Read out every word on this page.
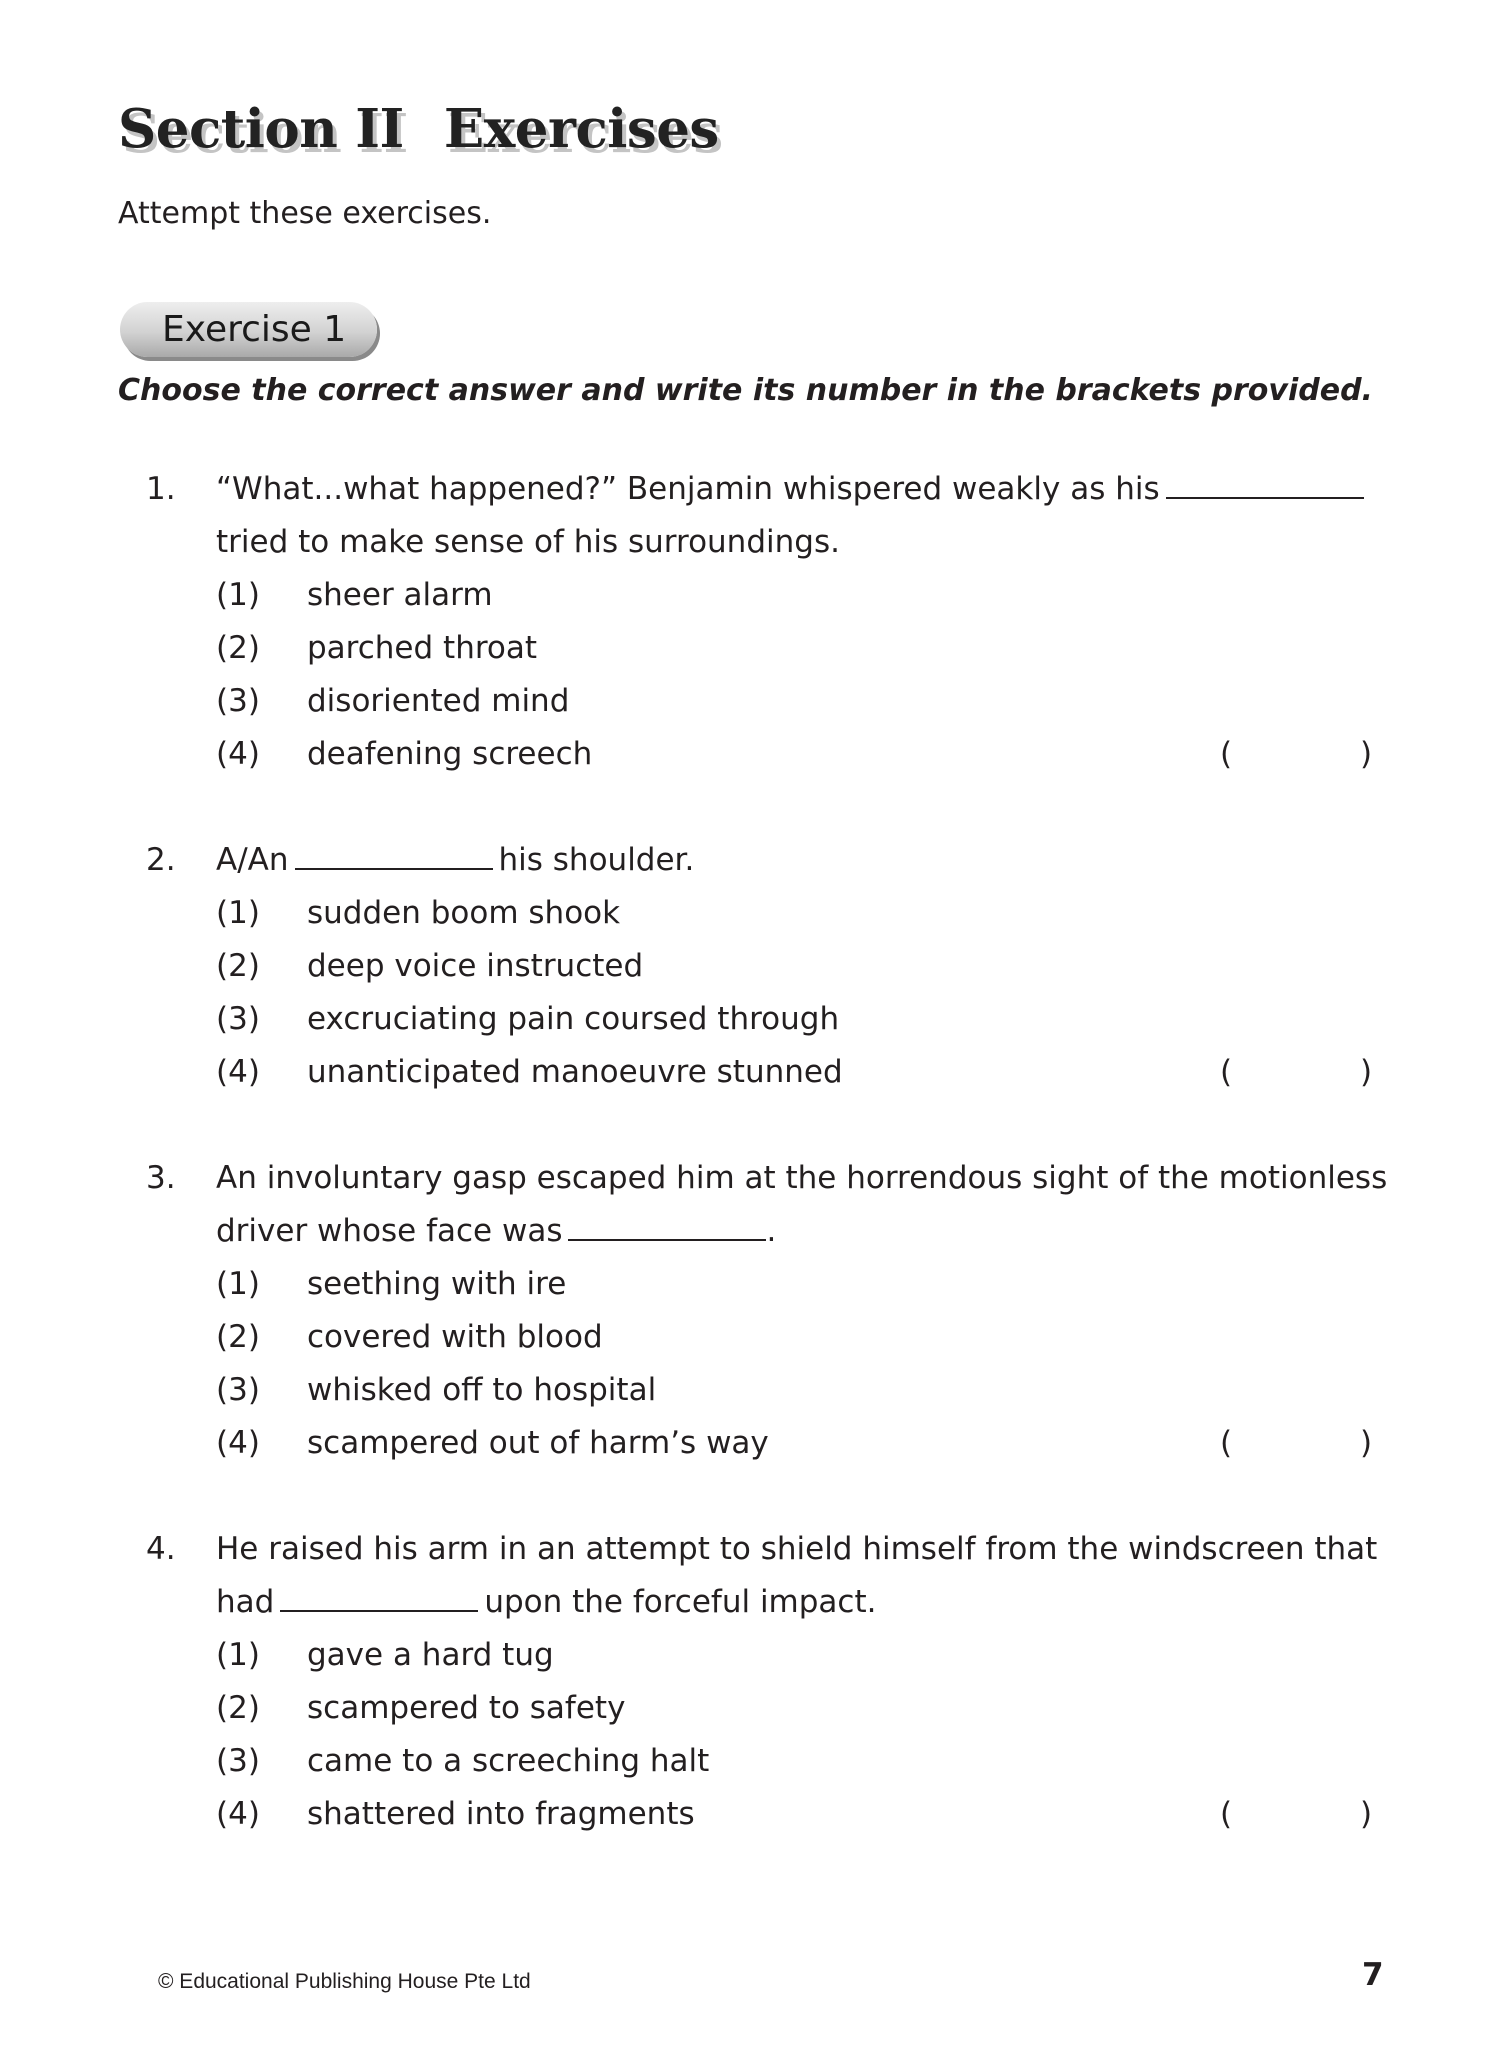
Section II Exercises
Attempt these exercises.
Exercise 1
Choose the correct answer and write its number in the brackets provided.
1. “What...what happened?” Benjamin whispered weakly as his
tried to make sense of his surroundings.
(1) sheer alarm
(2) parched throat
(3) disoriented mind
(4) deafening screech	(	)
2. A/An	his shoulder.
(1) sudden boom shook
(2) deep voice instructed
(3) excruciating pain coursed through
(4) unanticipated manoeuvre stunned	(	)
3. An involuntary gasp escaped him at the horrendous sight of the motionless
driver whose face was	.
(1) seething with ire
(2) covered with blood
(3) whisked off to hospital
(4) scampered out of harm’s way	(	)
4. He raised his arm in an attempt to shield himself from the windscreen that
had	upon the forceful impact.
(1) gave a hard tug
(2) scampered to safety
(3) came to a screeching halt
(4) shattered into fragments	(	)
© Educational Publishing House Pte Ltd	7
